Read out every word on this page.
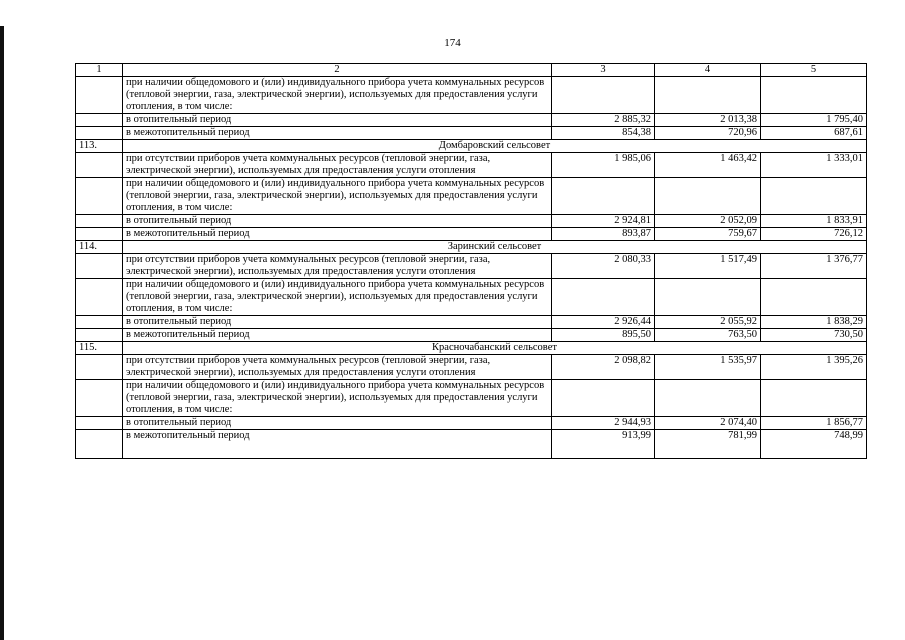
174
1	2	3	4	5
	при наличии общедомового и (или) индивидуального прибора учета коммунальных ресурсов (тепловой энергии, газа, электрической энергии), используемых для предоставления услуги отопления, в том числе:			
	в отопительный период	2 885,32	2 013,38	1 795,40
	в межотопительный период	854,38	720,96	687,61
113.	Домбаровский сельсовет			
	при отсутствии приборов учета коммунальных ресурсов (тепловой энергии, газа, электрической энергии), используемых для предоставления услуги отопления	1 985,06	1 463,42	1 333,01
	при наличии общедомового и (или) индивидуального прибора учета коммунальных ресурсов (тепловой энергии, газа, электрической энергии), используемых для предоставления услуги отопления, в том числе:			
	в отопительный период	2 924,81	2 052,09	1 833,91
	в межотопительный период	893,87	759,67	726,12
114.	Заринский сельсовет			
	при отсутствии приборов учета коммунальных ресурсов (тепловой энергии, газа, электрической энергии), используемых для предоставления услуги отопления	2 080,33	1 517,49	1 376,77
	при наличии общедомового и (или) индивидуального прибора учета коммунальных ресурсов (тепловой энергии, газа, электрической энергии), используемых для предоставления услуги отопления, в том числе:			
	в отопительный период	2 926,44	2 055,92	1 838,29
	в межотопительный период	895,50	763,50	730,50
115.	Красночабанский сельсовет			
	при отсутствии приборов учета коммунальных ресурсов (тепловой энергии, газа, электрической энергии), используемых для предоставления услуги отопления	2 098,82	1 535,97	1 395,26
	при наличии общедомового и (или) индивидуального прибора учета коммунальных ресурсов (тепловой энергии, газа, электрической энергии), используемых для предоставления услуги отопления, в том числе:			
	в отопительный период	2 944,93	2 074,40	1 856,77
	в межотопительный период	913,99	781,99	748,99
